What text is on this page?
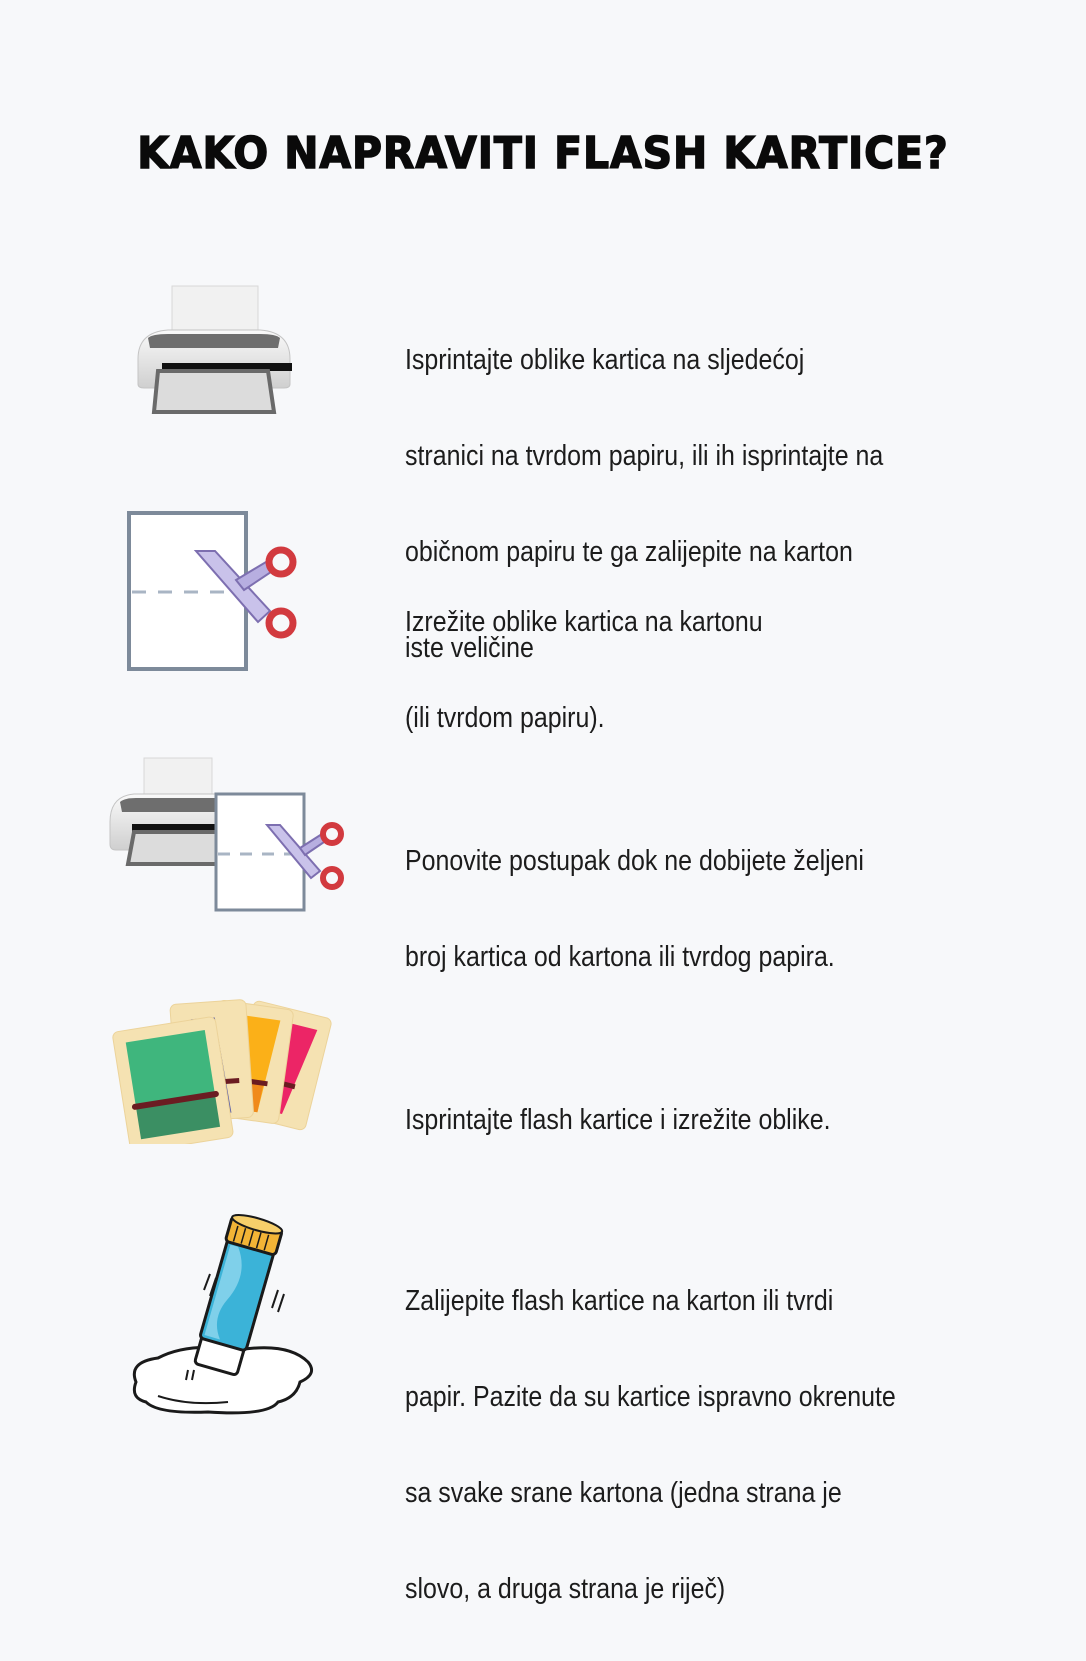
KAKO NAPRAVITI FLASH KARTICE?

Isprintajte oblike kartica na sljedećoj

stranici na tvrdom papiru, ili ih isprintajte na

običnom papiru te ga zalijepite na karton

iste veličine

Izrežite oblike kartica na kartonu

(ili tvrdom papiru).

Ponovite postupak dok ne dobijete željeni

broj kartica od kartona ili tvrdog papira.

Isprintajte flash kartice i izrežite oblike.

Zalijepite flash kartice na karton ili tvrdi

papir. Pazite da su kartice ispravno okrenute

sa svake srane kartona (jedna strana je

slovo, a druga strana je riječ)
